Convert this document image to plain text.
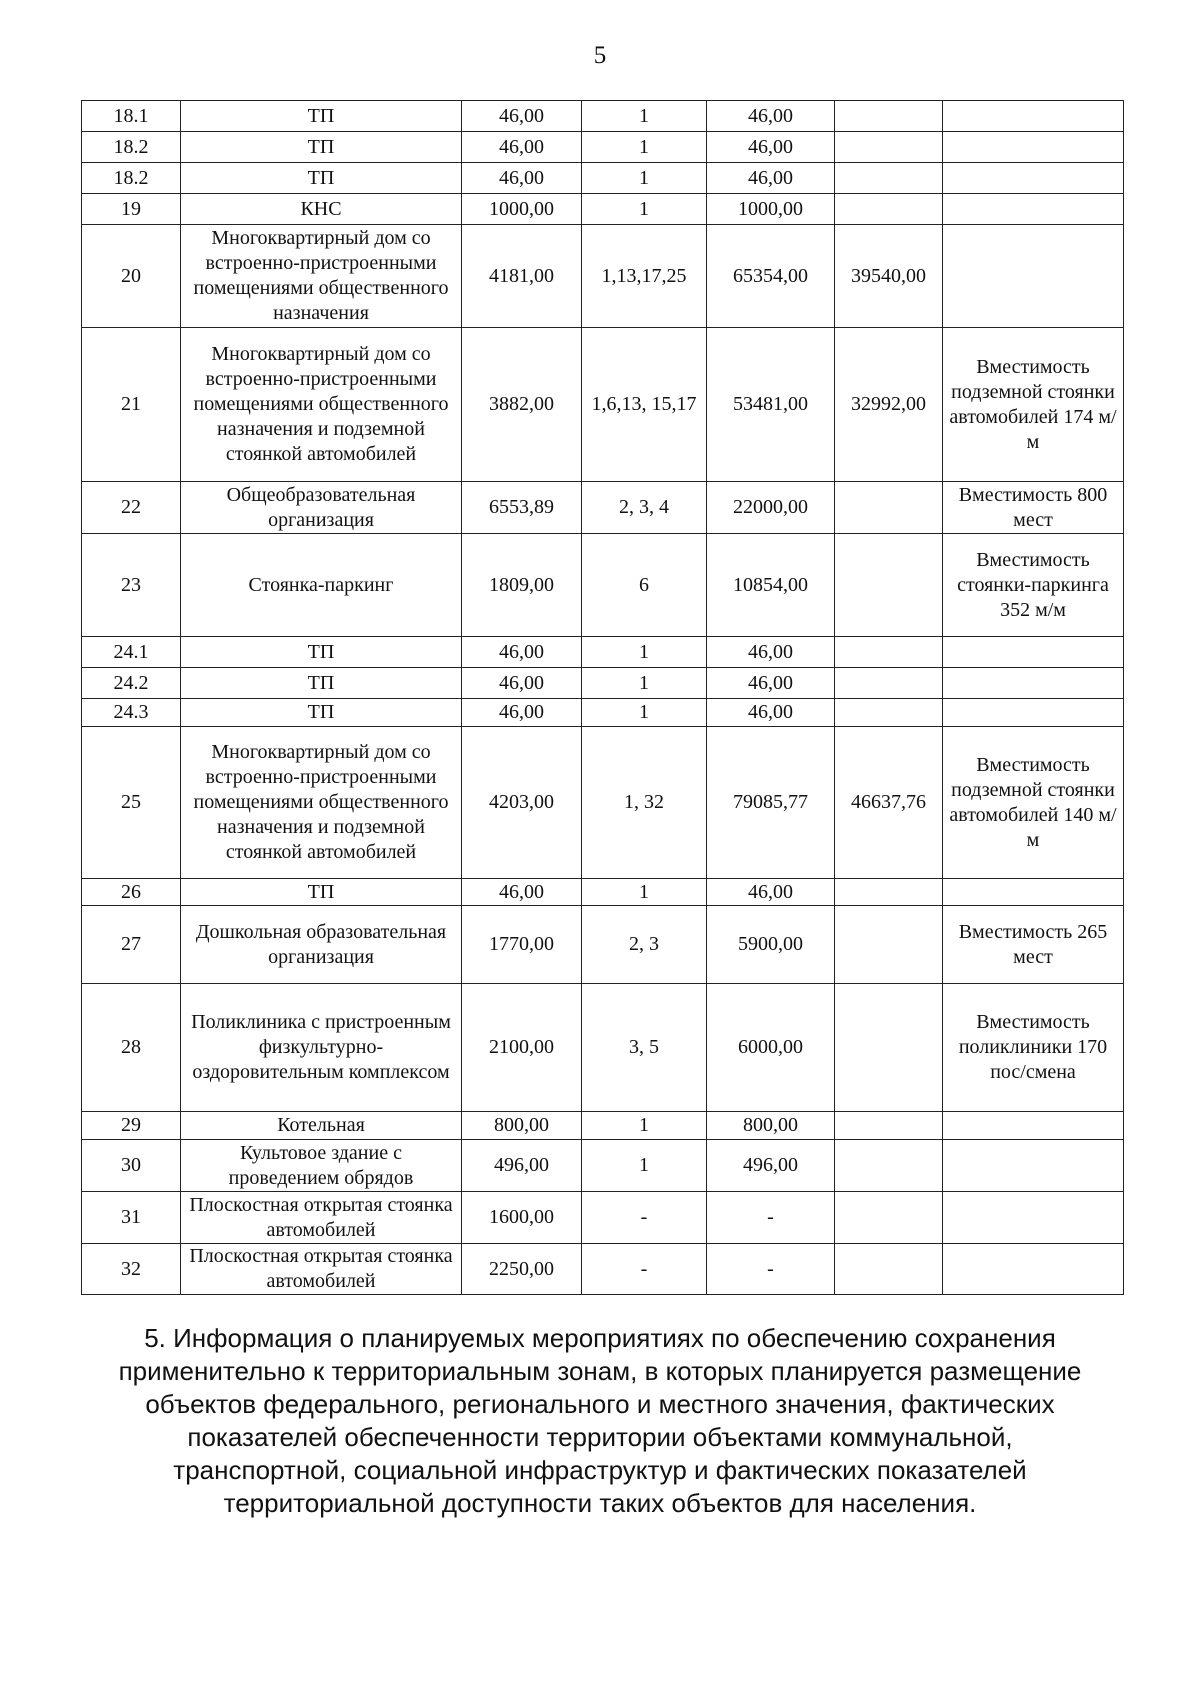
5
18.1	ТП	46,00	1	46,00		
18.2	ТП	46,00	1	46,00		
18.2	ТП	46,00	1	46,00		
19	КНС	1000,00	1	1000,00		
20	Многоквартирный дом со встроенно-пристроенными помещениями общественного назначения	4181,00	1,13,17,25	65354,00	39540,00	
21	Многоквартирный дом со встроенно-пристроенными помещениями общественного назначения и подземной стоянкой автомобилей	3882,00	1,6,13, 15,17	53481,00	32992,00	Вместимость подземной стоянки автомобилей 174 м/м
22	Общеобразовательная организация	6553,89	2, 3, 4	22000,00		Вместимость 800 мест
23	Стоянка-паркинг	1809,00	6	10854,00		Вместимость стоянки-паркинга 352 м/м
24.1	ТП	46,00	1	46,00		
24.2	ТП	46,00	1	46,00		
24.3	ТП	46,00	1	46,00		
25	Многоквартирный дом со встроенно-пристроенными помещениями общественного назначения и подземной стоянкой автомобилей	4203,00	1, 32	79085,77	46637,76	Вместимость подземной стоянки автомобилей 140 м/м
26	ТП	46,00	1	46,00		
27	Дошкольная образовательная организация	1770,00	2, 3	5900,00		Вместимость 265 мест
28	Поликлиника с пристроенным физкультурно-оздоровительным комплексом	2100,00	3, 5	6000,00		Вместимость поликлиники 170 пос/смена
29	Котельная	800,00	1	800,00		
30	Культовое здание с проведением обрядов	496,00	1	496,00		
31	Плоскостная открытая стоянка автомобилей	1600,00	-	-		
32	Плоскостная открытая стоянка автомобилей	2250,00	-	-		

5. Информация о планируемых мероприятиях по обеспечению сохранения применительно к территориальным зонам, в которых планируется размещение объектов федерального, регионального и местного значения, фактических показателей обеспеченности территории объектами коммунальной, транспортной, социальной инфраструктур и фактических показателей территориальной доступности таких объектов для населения.
